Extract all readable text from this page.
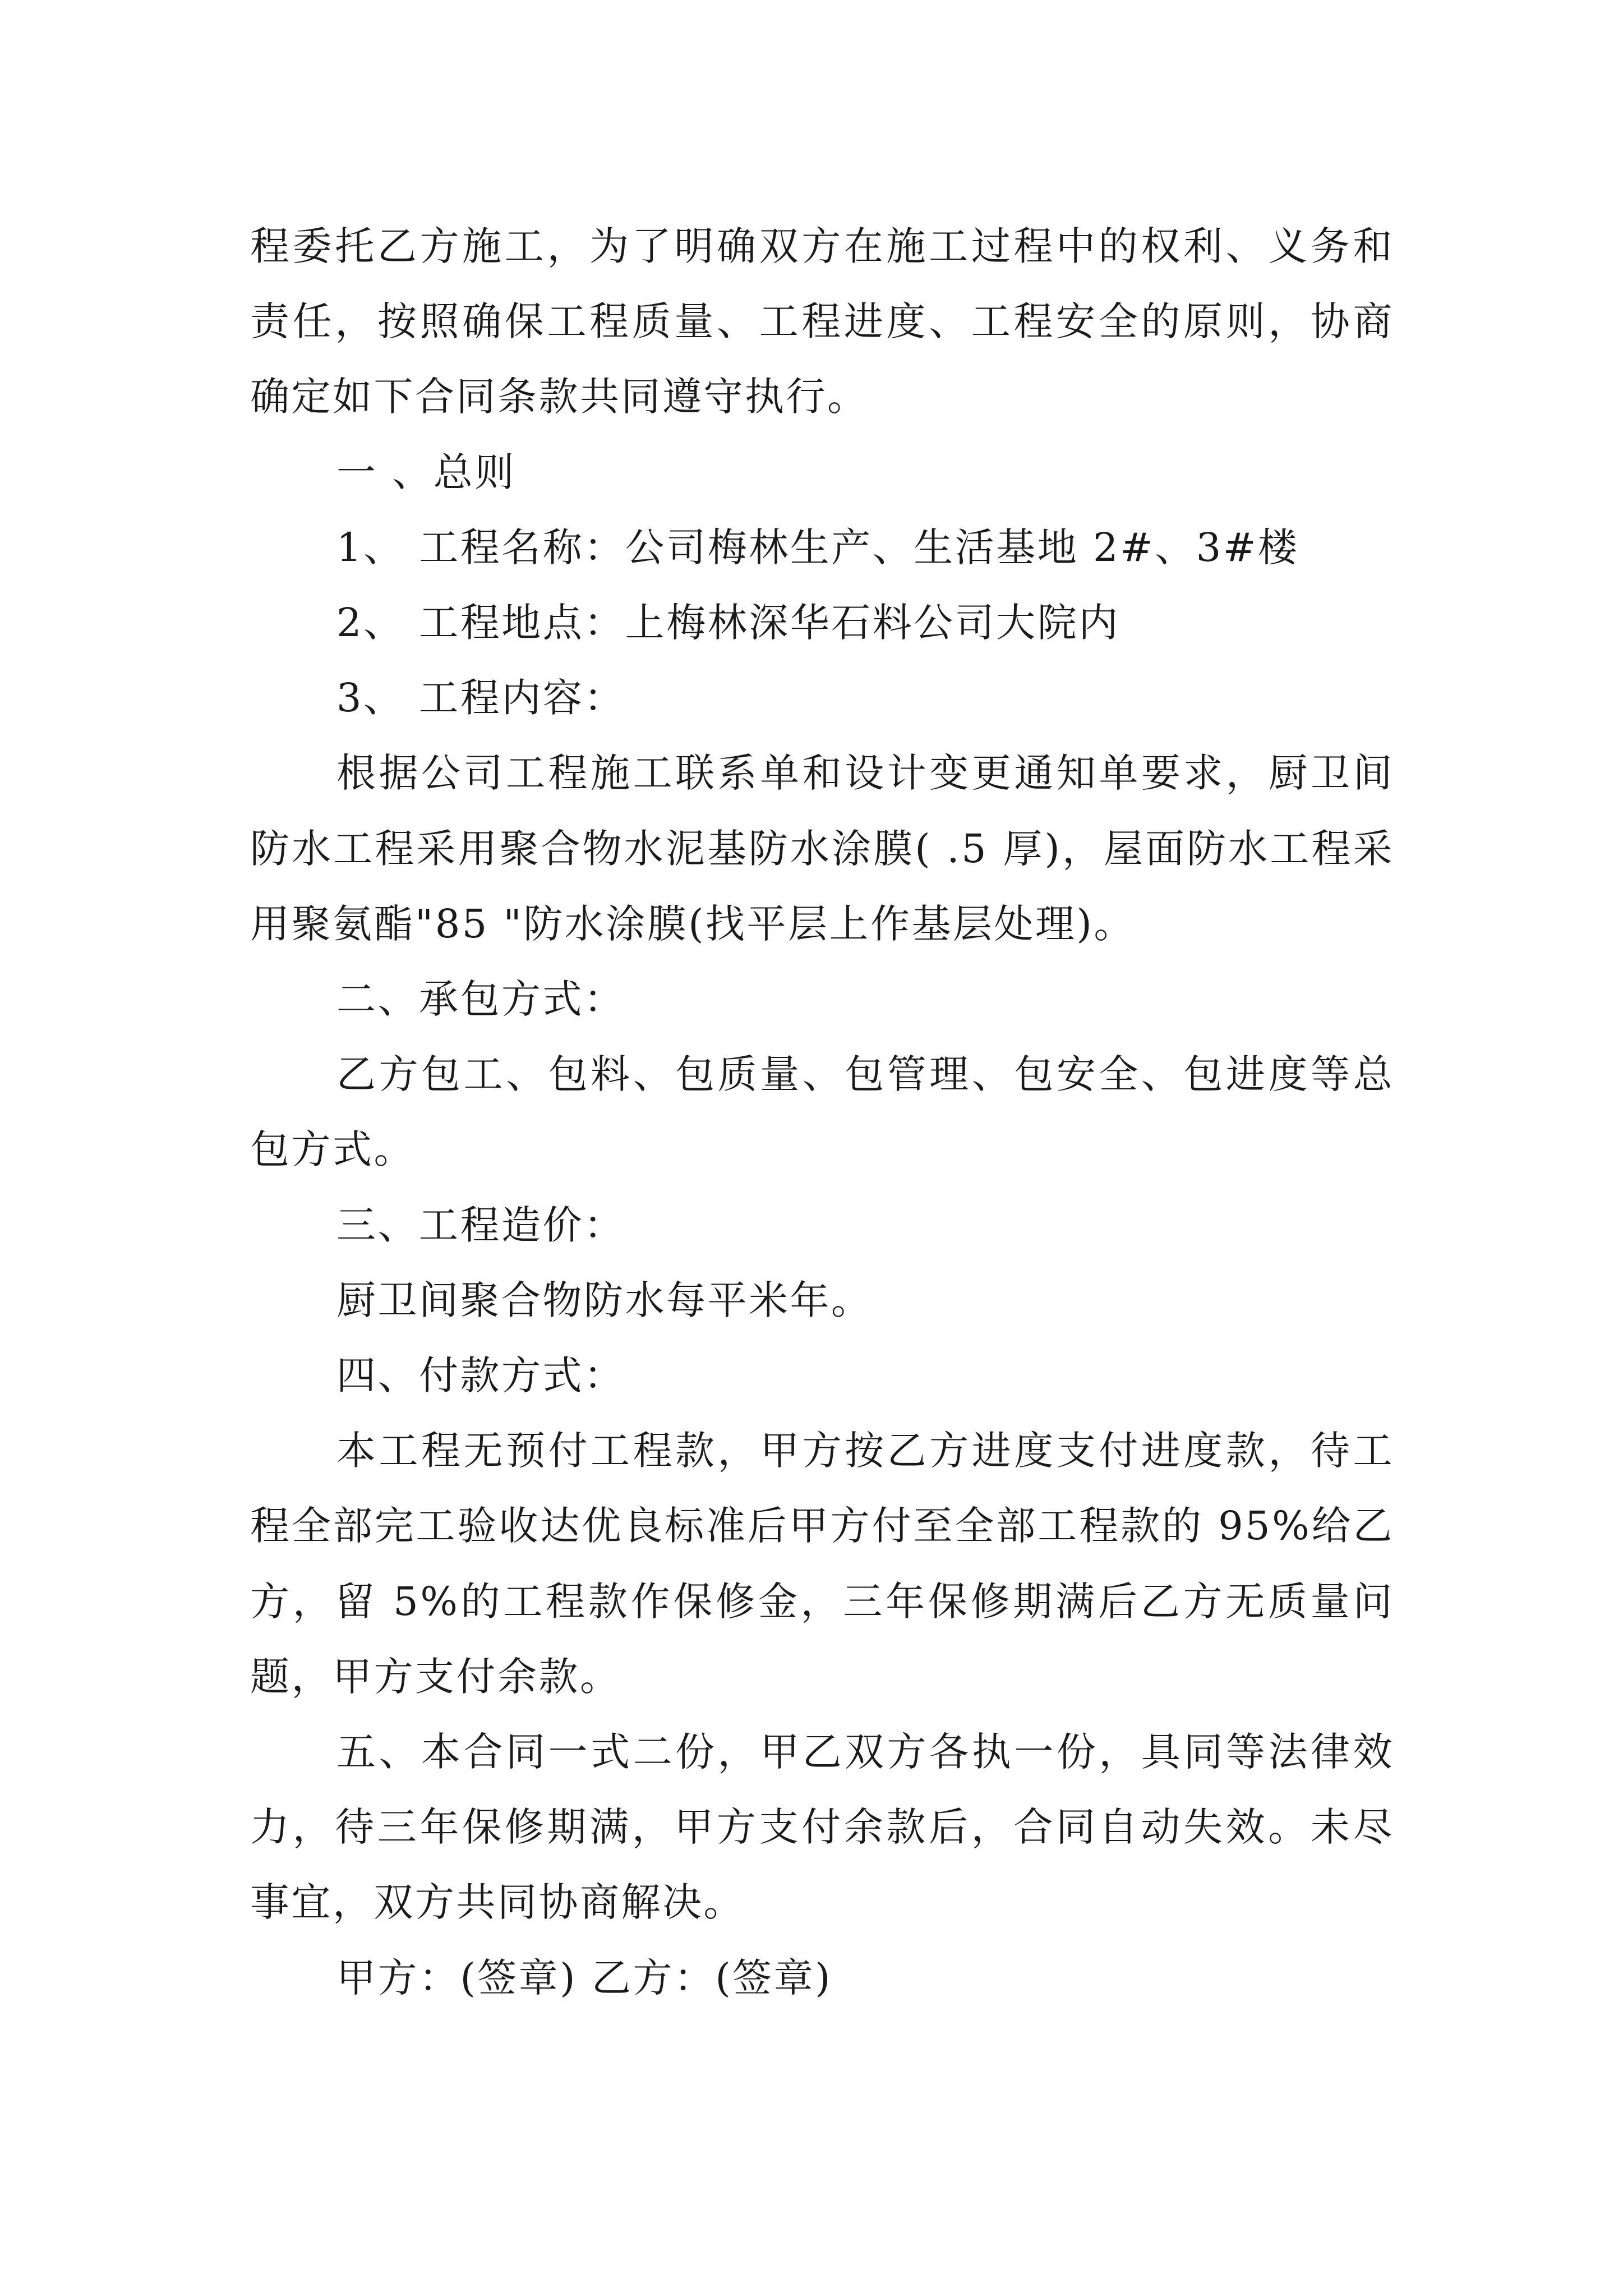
程委托乙方施工，为了明确双方在施工过程中的权利、义务和责任，按照确保工程质量、工程进度、工程安全的原则，协商确定如下合同条款共同遵守执行。

一 、总则

1、 工程名称：公司梅林生产、生活基地 2#、3#楼

2、 工程地点：上梅林深华石料公司大院内

3、 工程内容：

根据公司工程施工联系单和设计变更通知单要求，厨卫间防水工程采用聚合物水泥基防水涂膜( .5 厚)，屋面防水工程采用聚氨酯"85 "防水涂膜(找平层上作基层处理)。

二、承包方式：

乙方包工、包料、包质量、包管理、包安全、包进度等总包方式。

三、工程造价：

厨卫间聚合物防水每平米年。

四、付款方式：

本工程无预付工程款，甲方按乙方进度支付进度款，待工程全部完工验收达优良标准后甲方付至全部工程款的 95%给乙方，留 5%的工程款作保修金，三年保修期满后乙方无质量问题，甲方支付余款。

五、本合同一式二份，甲乙双方各执一份，具同等法律效力，待三年保修期满，甲方支付余款后，合同自动失效。未尽事宜，双方共同协商解决。

甲方：(签章) 乙方：(签章)
